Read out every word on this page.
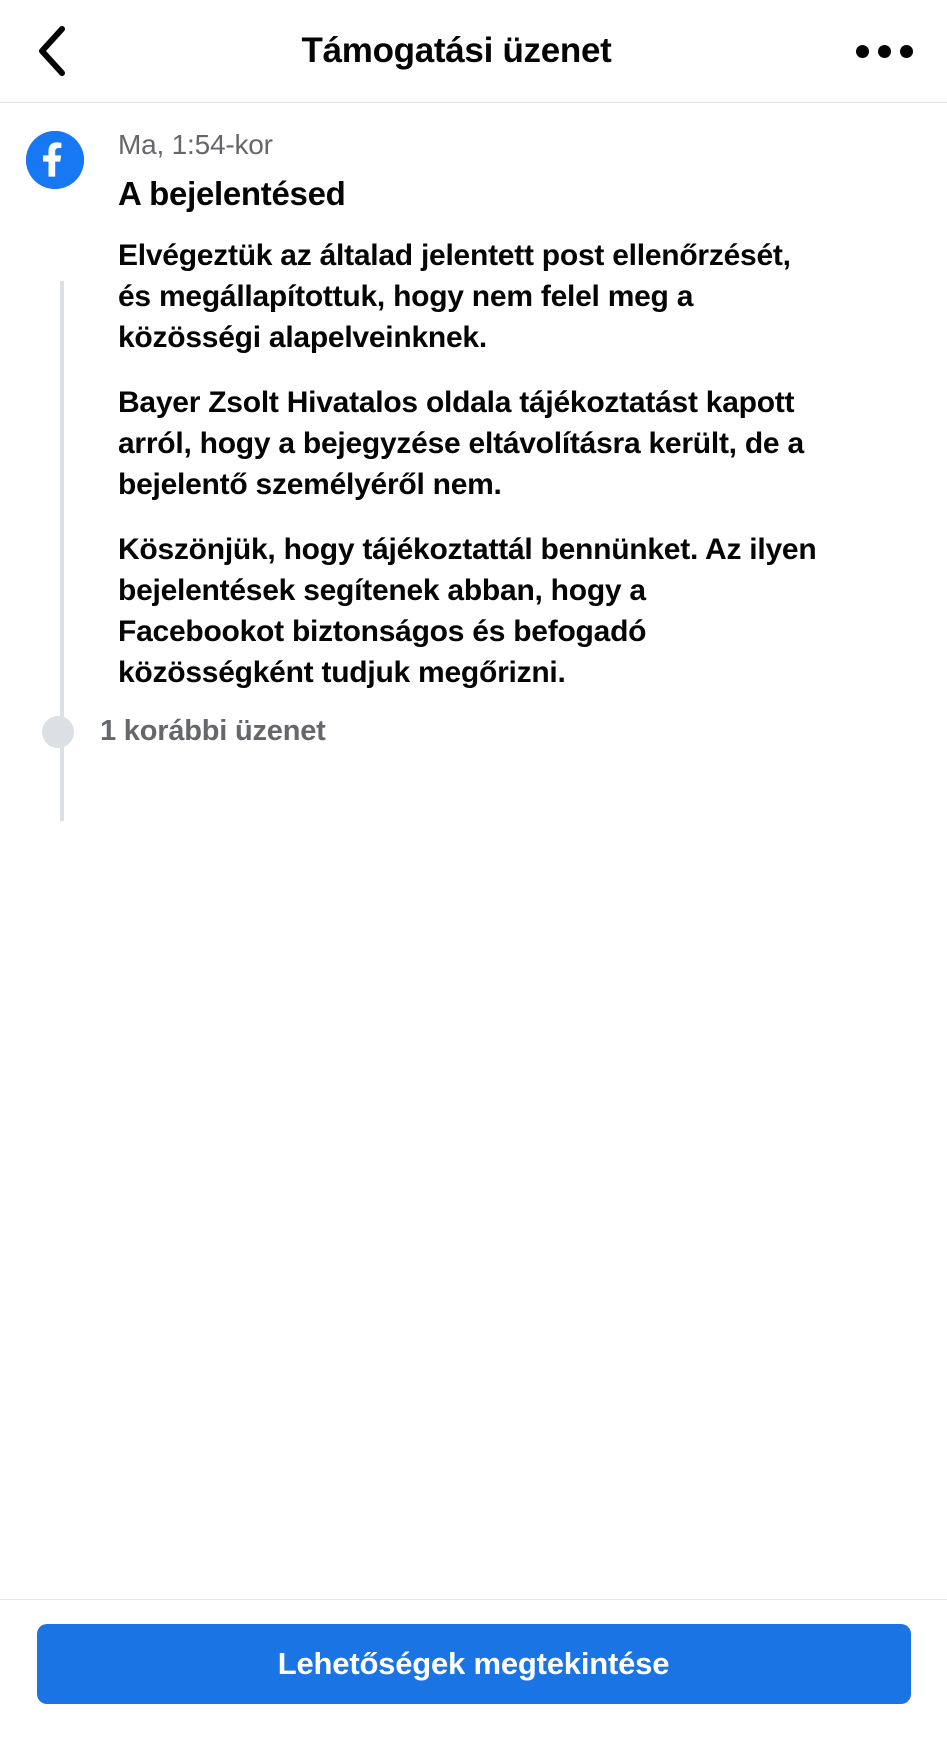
Támogatási üzenet
Ma, 1:54-kor
A bejelentésed

Elvégeztük az általad jelentett post ellenőrzését, és megállapítottuk, hogy nem felel meg a közösségi alapelveinknek.

Bayer Zsolt Hivatalos oldala tájékoztatást kapott arról, hogy a bejegyzése eltávolításra került, de a bejelentő személyéről nem.

Köszönjük, hogy tájékoztattál bennünket. Az ilyen bejelentések segítenek abban, hogy a Facebookot biztonságos és befogadó közösségként tudjuk megőrizni.

1 korábbi üzenet
Lehetőségek megtekintése
